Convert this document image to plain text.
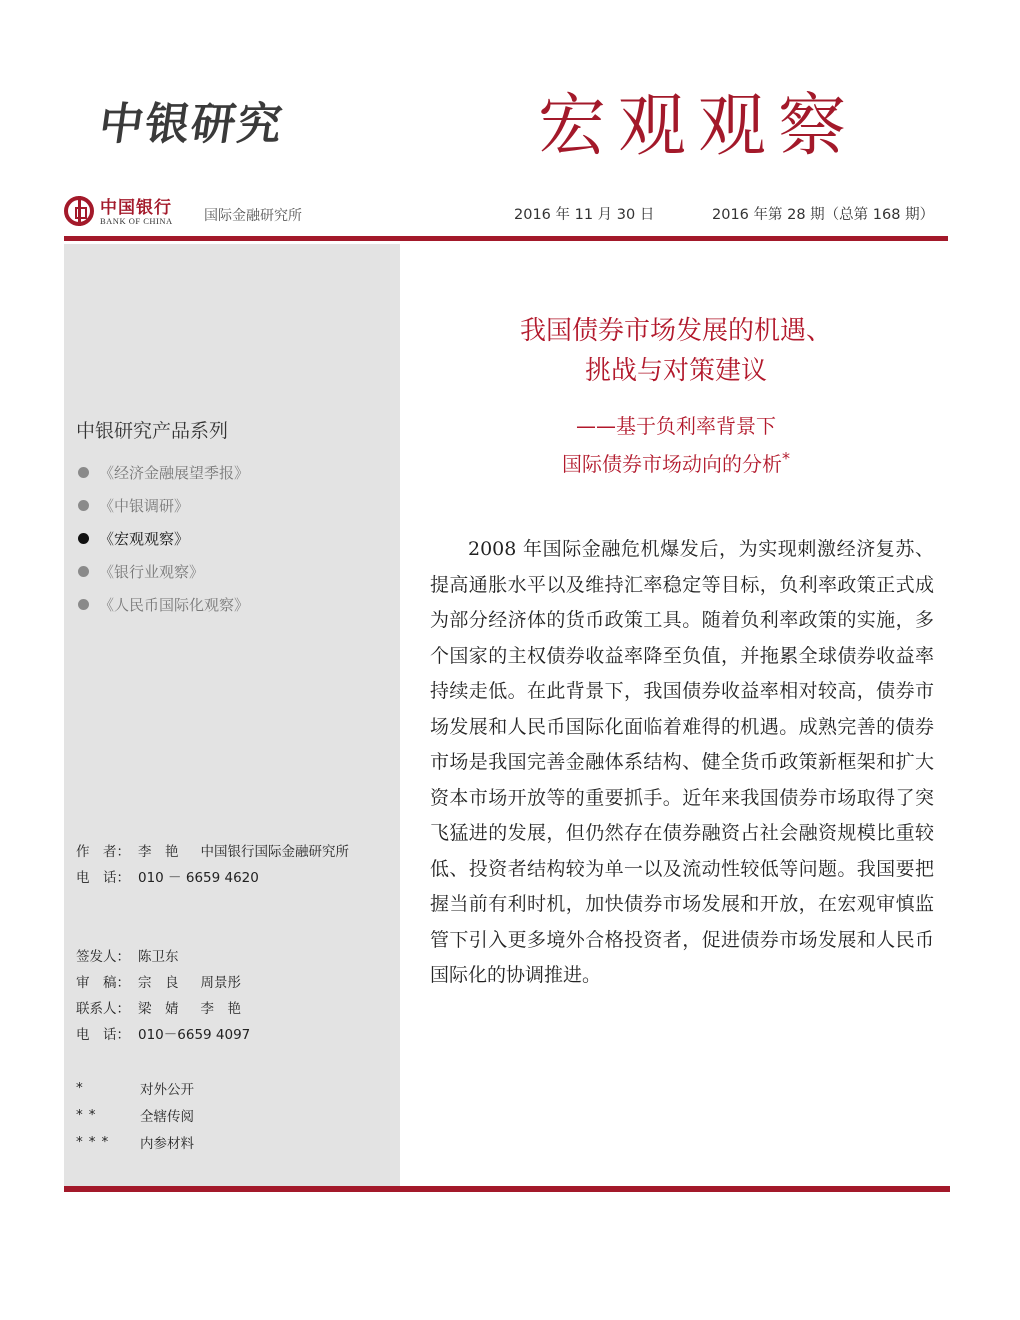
中银研究	宏观观察
中国银行
BANK OF CHINA 国际金融研究所	2016 年 11 月 30 日	2016 年第 28 期（总第 168 期）
中银研究产品系列
《经济金融展望季报》
《中银调研》
《宏观观察》
《银行业观察》
《人民币国际化观察》
作　者： 李　艳 中国银行国际金融研究所
电　话： 010 － 6659 4620
签发人： 陈卫东
审　稿： 宗　良 周景彤
联系人： 梁　婧 李　艳
电　话： 010－6659 4097
*	对外公开
**	全辖传阅
***	内参材料
我国债券市场发展的机遇、
挑战与对策建议
——基于负利率背景下
国际债券市场动向的分析*

2008 年国际金融危机爆发后，为实现刺激经济复苏、提高通胀水平以及维持汇率稳定等目标，负利率政策正式成为部分经济体的货币政策工具。随着负利率政策的实施，多个国家的主权债券收益率降至负值，并拖累全球债券收益率持续走低。在此背景下，我国债券收益率相对较高，债券市场发展和人民币国际化面临着难得的机遇。成熟完善的债券市场是我国完善金融体系结构、健全货币政策新框架和扩大资本市场开放等的重要抓手。近年来我国债券市场取得了突飞猛进的发展，但仍然存在债券融资占社会融资规模比重较低、投资者结构较为单一以及流动性较低等问题。我国要把握当前有利时机，加快债券市场发展和开放，在宏观审慎监管下引入更多境外合格投资者，促进债券市场发展和人民币国际化的协调推进。
